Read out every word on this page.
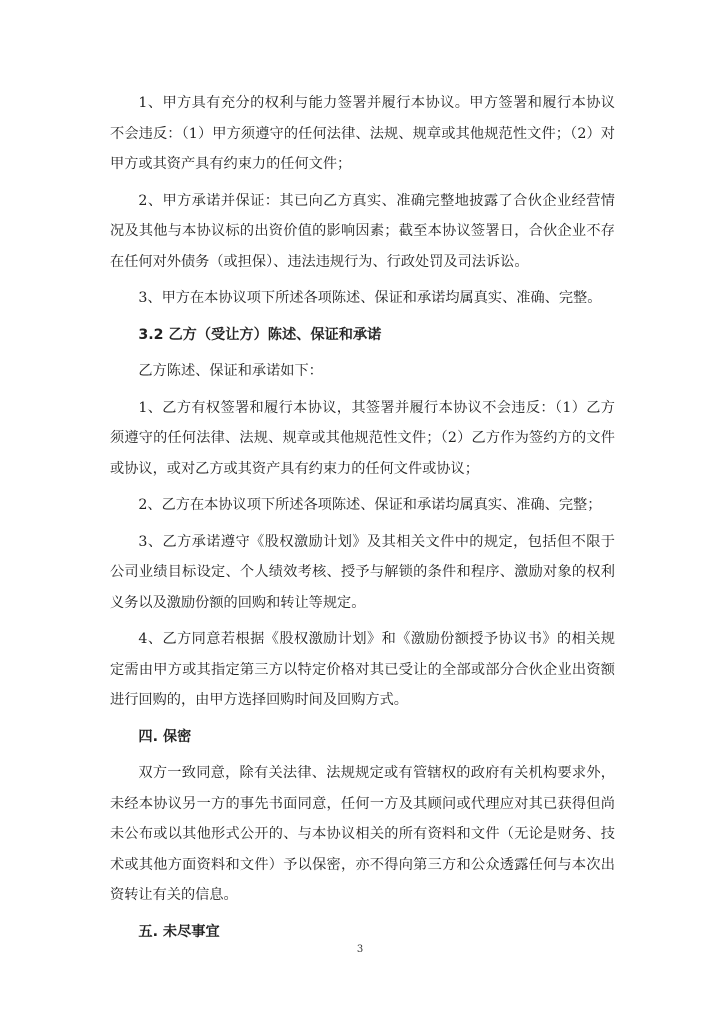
1、甲方具有充分的权利与能力签署并履行本协议。甲方签署和履行本协议不会违反：（1）甲方须遵守的任何法律、法规、规章或其他规范性文件；（2）对甲方或其资产具有约束力的任何文件；

2、甲方承诺并保证：其已向乙方真实、准确完整地披露了合伙企业经营情况及其他与本协议标的出资价值的影响因素；截至本协议签署日，合伙企业不存在任何对外债务（或担保）、违法违规行为、行政处罚及司法诉讼。

3、甲方在本协议项下所述各项陈述、保证和承诺均属真实、准确、完整。

3.2 乙方（受让方）陈述、保证和承诺

乙方陈述、保证和承诺如下：

1、乙方有权签署和履行本协议，其签署并履行本协议不会违反：（1）乙方须遵守的任何法律、法规、规章或其他规范性文件；（2）乙方作为签约方的文件或协议，或对乙方或其资产具有约束力的任何文件或协议；

2、乙方在本协议项下所述各项陈述、保证和承诺均属真实、准确、完整；

3、乙方承诺遵守《股权激励计划》及其相关文件中的规定，包括但不限于公司业绩目标设定、个人绩效考核、授予与解锁的条件和程序、激励对象的权利义务以及激励份额的回购和转让等规定。

4、乙方同意若根据《股权激励计划》和《激励份额授予协议书》的相关规定需由甲方或其指定第三方以特定价格对其已受让的全部或部分合伙企业出资额进行回购的，由甲方选择回购时间及回购方式。

四. 保密

双方一致同意，除有关法律、法规规定或有管辖权的政府有关机构要求外，未经本协议另一方的事先书面同意，任何一方及其顾问或代理应对其已获得但尚未公布或以其他形式公开的、与本协议相关的所有资料和文件（无论是财务、技术或其他方面资料和文件）予以保密，亦不得向第三方和公众透露任何与本次出资转让有关的信息。

五. 未尽事宜

3
